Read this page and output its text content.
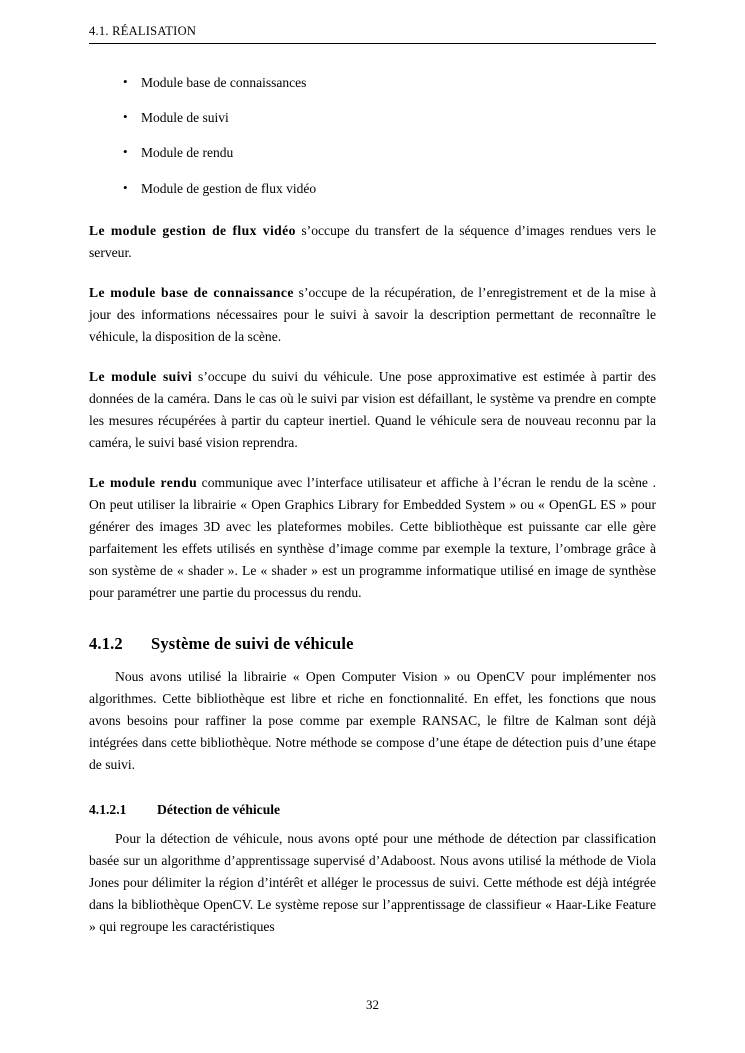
4.1. RÉALISATION
• Module base de connaissances
• Module de suivi
• Module de rendu
• Module de gestion de flux vidéo

Le module gestion de flux vidéo s’occupe du transfert de la séquence d’images rendues vers le serveur.

Le module base de connaissance s’occupe de la récupération, de l’enregistrement et de la mise à jour des informations nécessaires pour le suivi à savoir la description permettant de reconnaître le véhicule, la disposition de la scène.

Le module suivi s’occupe du suivi du véhicule. Une pose approximative est estimée à partir des données de la caméra. Dans le cas où le suivi par vision est défaillant, le système va prendre en compte les mesures récupérées à partir du capteur inertiel. Quand le véhicule sera de nouveau reconnu par la caméra, le suivi basé vision reprendra.

Le module rendu communique avec l’interface utilisateur et affiche à l’écran le rendu de la scène . On peut utiliser la librairie « Open Graphics Library for Embedded System » ou « OpenGL ES » pour générer des images 3D avec les plateformes mobiles. Cette bibliothèque est puissante car elle gère parfaitement les effets utilisés en synthèse d’image comme par exemple la texture, l’ombrage grâce à son système de « shader ». Le « shader » est un programme informatique utilisé en image de synthèse pour paramétrer une partie du processus du rendu.

4.1.2 Système de suivi de véhicule

Nous avons utilisé la librairie « Open Computer Vision » ou OpenCV pour implémenter nos algorithmes. Cette bibliothèque est libre et riche en fonctionnalité. En effet, les fonctions que nous avons besoins pour raffiner la pose comme par exemple RANSAC, le filtre de Kalman sont déjà intégrées dans cette bibliothèque. Notre méthode se compose d’une étape de détection puis d’une étape de suivi.

4.1.2.1 Détection de véhicule

Pour la détection de véhicule, nous avons opté pour une méthode de détection par classification basée sur un algorithme d’apprentissage supervisé d’Adaboost. Nous avons utilisé la méthode de Viola Jones pour délimiter la région d’intérêt et alléger le processus de suivi. Cette méthode est déjà intégrée dans la bibliothèque OpenCV. Le système repose sur l’apprentissage de classifieur « Haar-Like Feature » qui regroupe les caractéristiques

32
